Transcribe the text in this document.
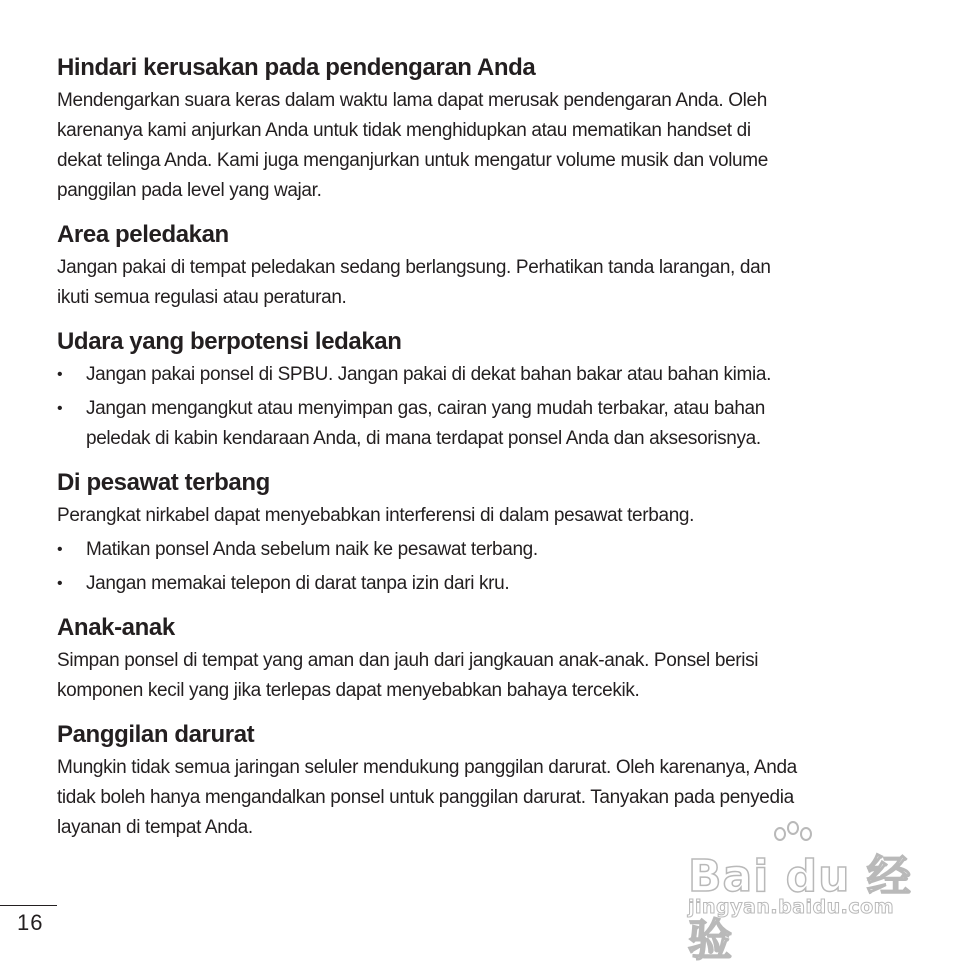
Hindari kerusakan pada pendengaran Anda

Mendengarkan suara keras dalam waktu lama dapat merusak pendengaran Anda. Oleh

karenanya kami anjurkan Anda untuk tidak menghidupkan atau mematikan handset di

dekat telinga Anda. Kami juga menganjurkan untuk mengatur volume musik dan volume

panggilan pada level yang wajar.

Area peledakan

Jangan pakai di tempat peledakan sedang berlangsung. Perhatikan tanda larangan, dan

ikuti semua regulasi atau peraturan.

Udara yang berpotensi ledakan
• Jangan pakai ponsel di SPBU. Jangan pakai di dekat bahan bakar atau bahan kimia.
• Jangan mengangkut atau menyimpan gas, cairan yang mudah terbakar, atau bahan
peledak di kabin kendaraan Anda, di mana terdapat ponsel Anda dan aksesorisnya.
Di pesawat terbang

Perangkat nirkabel dapat menyebabkan interferensi di dalam pesawat terbang.

• Matikan ponsel Anda sebelum naik ke pesawat terbang.
• Jangan memakai telepon di darat tanpa izin dari kru.
Anak-anak

Simpan ponsel di tempat yang aman dan jauh dari jangkauan anak-anak. Ponsel berisi

komponen kecil yang jika terlepas dapat menyebabkan bahaya tercekik.

Panggilan darurat

Mungkin tidak semua jaringan seluler mendukung panggilan darurat. Oleh karenanya, Anda

tidak boleh hanya mengandalkan ponsel untuk panggilan darurat. Tanyakan pada penyedia

layanan di tempat Anda.

Bai du 经验
jingyan.baidu.com
16
